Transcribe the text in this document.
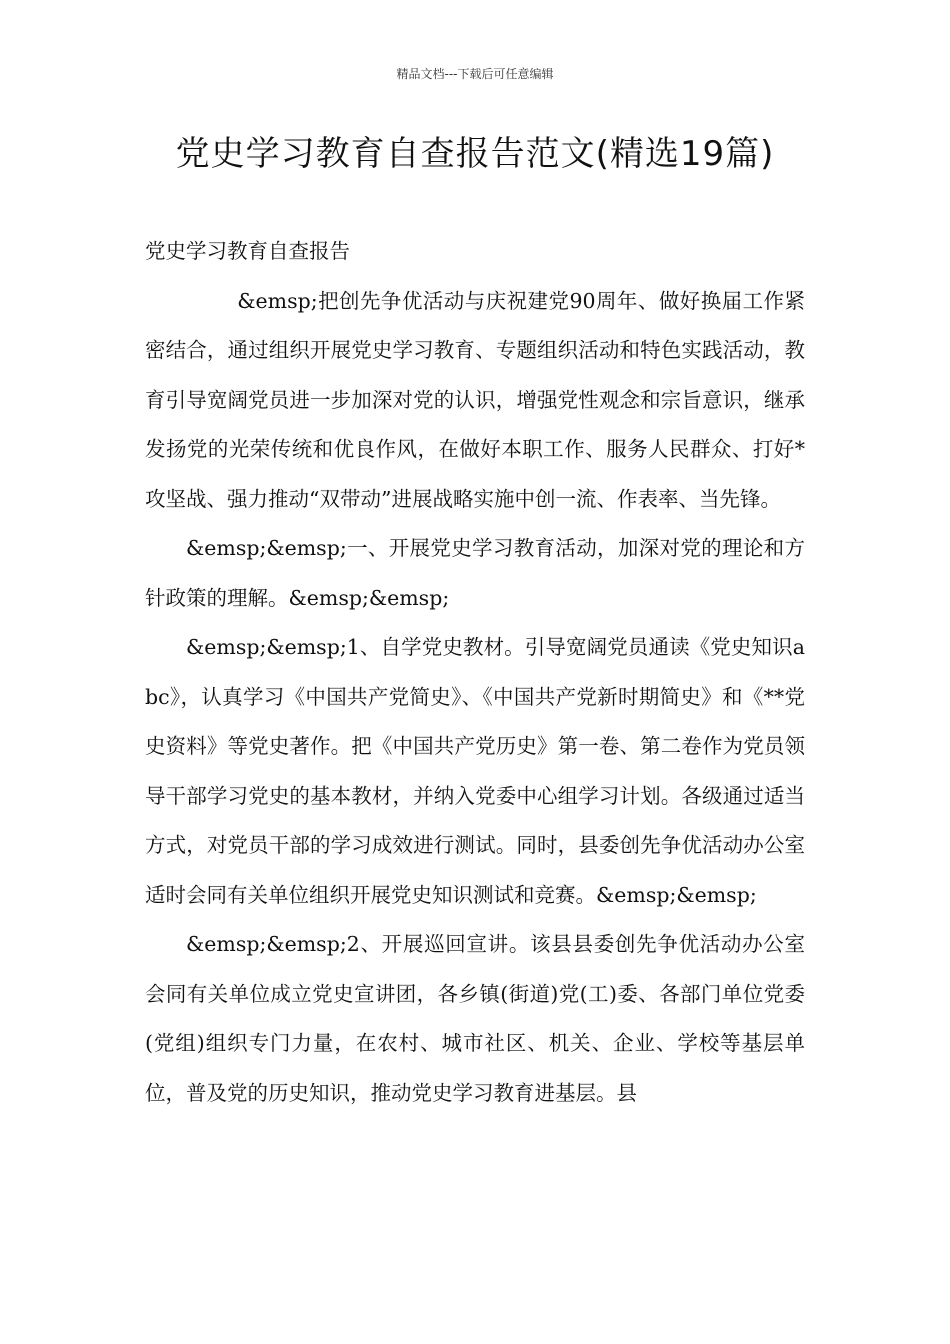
精品文档---下载后可任意编辑
党史学习教育自查报告范文(精选19篇)

党史学习教育自查报告

&emsp;把创先争优活动与庆祝建党90周年、做好换届工作紧密结合，通过组织开展党史学习教育、专题组织活动和特色实践活动，教育引导宽阔党员进一步加深对党的认识，增强党性观念和宗旨意识，继承发扬党的光荣传统和优良作风，在做好本职工作、服务人民群众、打好*攻坚战、强力推动“双带动”进展战略实施中创一流、作表率、当先锋。

&emsp;&emsp;一、开展党史学习教育活动，加深对党的理论和方针政策的理解。&emsp;&emsp;

&emsp;&emsp;1、自学党史教材。引导宽阔党员通读《党史知识abc》，认真学习《中国共产党简史》、《中国共产党新时期简史》和《**党史资料》等党史著作。把《中国共产党历史》第一卷、第二卷作为党员领导干部学习党史的基本教材，并纳入党委中心组学习计划。各级通过适当方式，对党员干部的学习成效进行测试。同时，县委创先争优活动办公室适时会同有关单位组织开展党史知识测试和竞赛。&emsp;&emsp;

&emsp;&emsp;2、开展巡回宣讲。该县县委创先争优活动办公室会同有关单位成立党史宣讲团，各乡镇(街道)党(工)委、各部门单位党委(党组)组织专门力量，在农村、城市社区、机关、企业、学校等基层单位，普及党的历史知识，推动党史学习教育进基层。县
